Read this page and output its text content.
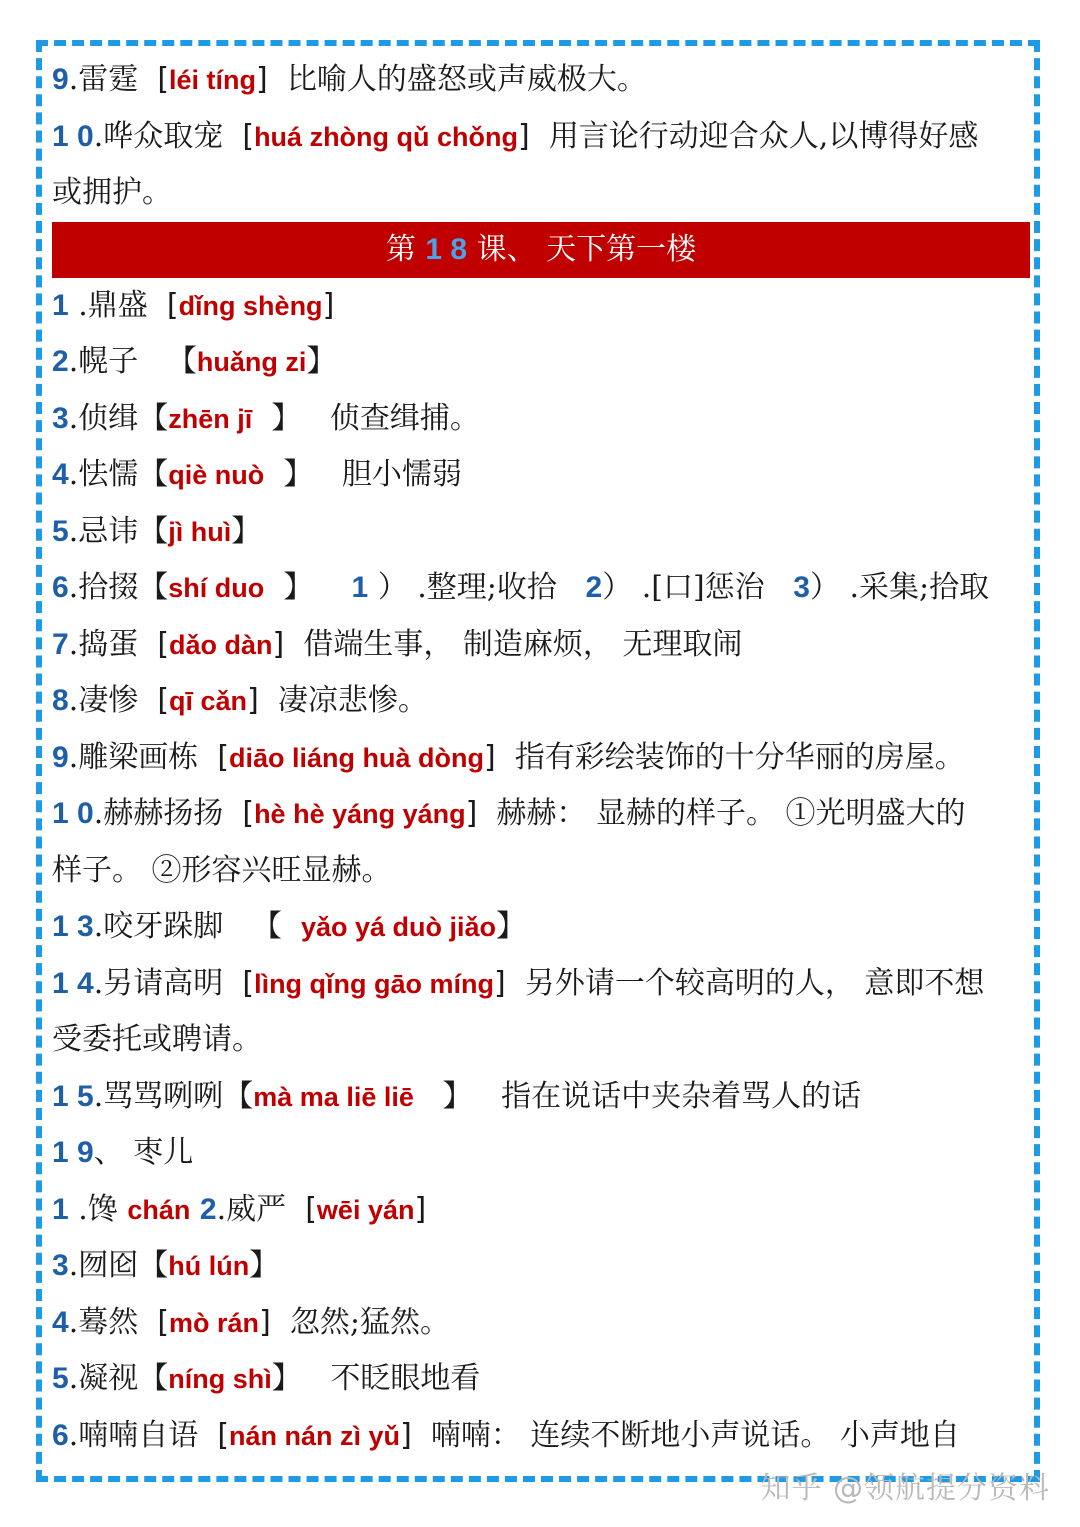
9.雷霆 [léi tíng] 比喻人的盛怒或声威极大。
1 0.哗众取宠 [huá zhòng qǔ chǒng] 用言论行动迎合众人,以博得好感
或拥护。
第 1 8 课、 天下第一楼
1 .鼎盛 [dǐng shèng]
2.幌子 【huǎng zi】
3.侦缉【zhēn jī 】 侦查缉捕。
4.怯懦【qiè nuò 】 胆小懦弱
5.忌讳【jì huì】
6.拾掇【shí duo 】 1 ） .整理;收拾 2） .[口]惩治 3） .采集;拾取
7.捣蛋 [dǎo dàn] 借端生事， 制造麻烦， 无理取闹
8.凄惨 [qī cǎn] 凄凉悲惨。
9.雕梁画栋 [diāo liáng huà dòng] 指有彩绘装饰的十分华丽的房屋。
1 0.赫赫扬扬 [hè hè yáng yáng] 赫赫： 显赫的样子。 ①光明盛大的
样子。 ②形容兴旺显赫。
1 3.咬牙跺脚 【 yǎo yá duò jiǎo】
1 4.另请高明 [lìng qǐng gāo míng] 另外请一个较高明的人， 意即不想
受委托或聘请。
1 5.骂骂咧咧【mà ma liē liē 】 指在说话中夹杂着骂人的话
1 9、 枣儿
1 .馋 chán 2.威严 [wēi yán]
3.囫囵【hú lún】
4.蓦然 [mò rán] 忽然;猛然。
5.凝视【níng shì】 不眨眼地看
6.喃喃自语 [nán nán zì yǔ] 喃喃： 连续不断地小声说话。 小声地自
知乎 @领航提分资料
